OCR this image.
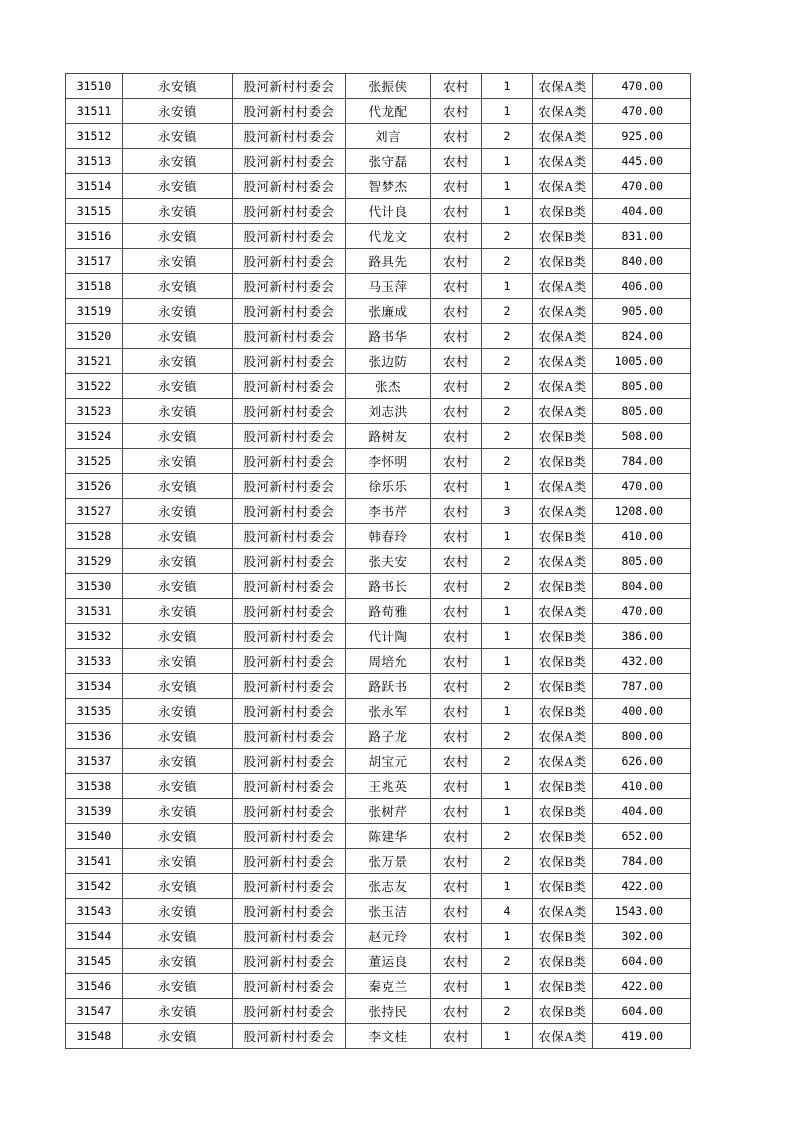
31510	永安镇	股河新村村委会	张振侠	农村	1	农保A类	470.00
31511	永安镇	股河新村村委会	代龙配	农村	1	农保A类	470.00
31512	永安镇	股河新村村委会	刘言	农村	2	农保A类	925.00
31513	永安镇	股河新村村委会	张守磊	农村	1	农保A类	445.00
31514	永安镇	股河新村村委会	智梦杰	农村	1	农保A类	470.00
31515	永安镇	股河新村村委会	代计良	农村	1	农保B类	404.00
31516	永安镇	股河新村村委会	代龙文	农村	2	农保B类	831.00
31517	永安镇	股河新村村委会	路具先	农村	2	农保B类	840.00
31518	永安镇	股河新村村委会	马玉萍	农村	1	农保A类	406.00
31519	永安镇	股河新村村委会	张廉成	农村	2	农保A类	905.00
31520	永安镇	股河新村村委会	路书华	农村	2	农保A类	824.00
31521	永安镇	股河新村村委会	张边防	农村	2	农保A类	1005.00
31522	永安镇	股河新村村委会	张杰	农村	2	农保A类	805.00
31523	永安镇	股河新村村委会	刘志洪	农村	2	农保A类	805.00
31524	永安镇	股河新村村委会	路树友	农村	2	农保B类	508.00
31525	永安镇	股河新村村委会	李怀明	农村	2	农保B类	784.00
31526	永安镇	股河新村村委会	徐乐乐	农村	1	农保A类	470.00
31527	永安镇	股河新村村委会	李书芹	农村	3	农保A类	1208.00
31528	永安镇	股河新村村委会	韩春玲	农村	1	农保B类	410.00
31529	永安镇	股河新村村委会	张夫安	农村	2	农保A类	805.00
31530	永安镇	股河新村村委会	路书长	农村	2	农保B类	804.00
31531	永安镇	股河新村村委会	路荀雅	农村	1	农保A类	470.00
31532	永安镇	股河新村村委会	代计陶	农村	1	农保B类	386.00
31533	永安镇	股河新村村委会	周培允	农村	1	农保B类	432.00
31534	永安镇	股河新村村委会	路跃书	农村	2	农保B类	787.00
31535	永安镇	股河新村村委会	张永军	农村	1	农保B类	400.00
31536	永安镇	股河新村村委会	路子龙	农村	2	农保A类	800.00
31537	永安镇	股河新村村委会	胡宝元	农村	2	农保A类	626.00
31538	永安镇	股河新村村委会	王兆英	农村	1	农保B类	410.00
31539	永安镇	股河新村村委会	张树芹	农村	1	农保B类	404.00
31540	永安镇	股河新村村委会	陈建华	农村	2	农保B类	652.00
31541	永安镇	股河新村村委会	张万景	农村	2	农保B类	784.00
31542	永安镇	股河新村村委会	张志友	农村	1	农保B类	422.00
31543	永安镇	股河新村村委会	张玉洁	农村	4	农保A类	1543.00
31544	永安镇	股河新村村委会	赵元玲	农村	1	农保B类	302.00
31545	永安镇	股河新村村委会	董运良	农村	2	农保B类	604.00
31546	永安镇	股河新村村委会	秦克兰	农村	1	农保B类	422.00
31547	永安镇	股河新村村委会	张持民	农村	2	农保B类	604.00
31548	永安镇	股河新村村委会	李文桂	农村	1	农保A类	419.00
